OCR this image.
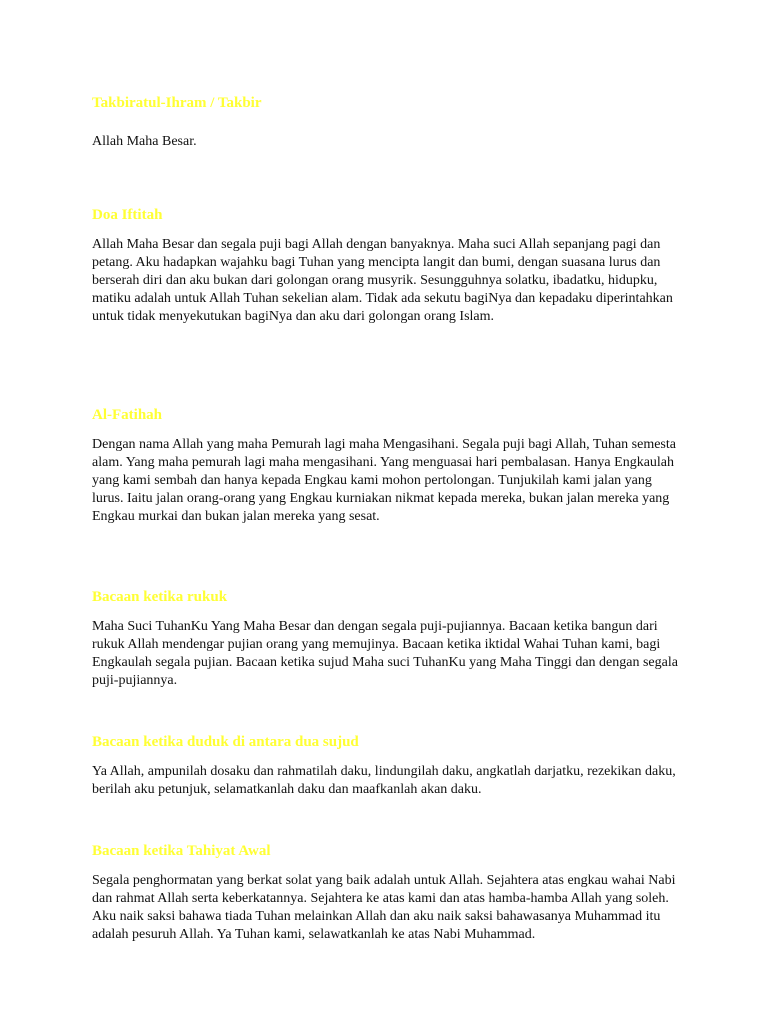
Takbiratul-Ihram / Takbir

Allah Maha Besar.

Doa Iftitah

Allah Maha Besar dan segala puji bagi Allah dengan banyaknya. Maha suci Allah sepanjang pagi dan petang. Aku hadapkan wajahku bagi Tuhan yang mencipta langit dan bumi, dengan suasana lurus dan berserah diri dan aku bukan dari golongan orang musyrik. Sesungguhnya solatku, ibadatku, hidupku, matiku adalah untuk Allah Tuhan sekelian alam. Tidak ada sekutu bagiNya dan kepadaku diperintahkan untuk tidak menyekutukan bagiNya dan aku dari golongan orang Islam.

Al-Fatihah

Dengan nama Allah yang maha Pemurah lagi maha Mengasihani. Segala puji bagi Allah, Tuhan semesta alam. Yang maha pemurah lagi maha mengasihani. Yang menguasai hari pembalasan. Hanya Engkaulah yang kami sembah dan hanya kepada Engkau kami mohon pertolongan. Tunjukilah kami jalan yang lurus. Iaitu jalan orang-orang yang Engkau kurniakan nikmat kepada mereka, bukan jalan mereka yang Engkau murkai dan bukan jalan mereka yang sesat.

Bacaan ketika rukuk

Maha Suci TuhanKu Yang Maha Besar dan dengan segala puji-pujiannya. Bacaan ketika bangun dari rukuk Allah mendengar pujian orang yang memujinya. Bacaan ketika iktidal Wahai Tuhan kami, bagi Engkaulah segala pujian. Bacaan ketika sujud Maha suci TuhanKu yang Maha Tinggi dan dengan segala puji-pujiannya.

Bacaan ketika duduk di antara dua sujud

Ya Allah, ampunilah dosaku dan rahmatilah daku, lindungilah daku, angkatlah darjatku, rezekikan daku, berilah aku petunjuk, selamatkanlah daku dan maafkanlah akan daku.

Bacaan ketika Tahiyat Awal

Segala penghormatan yang berkat solat yang baik adalah untuk Allah. Sejahtera atas engkau wahai Nabi dan rahmat Allah serta keberkatannya. Sejahtera ke atas kami dan atas hamba-hamba Allah yang soleh. Aku naik saksi bahawa tiada Tuhan melainkan Allah dan aku naik saksi bahawasanya Muhammad itu adalah pesuruh Allah. Ya Tuhan kami, selawatkanlah ke atas Nabi Muhammad.
